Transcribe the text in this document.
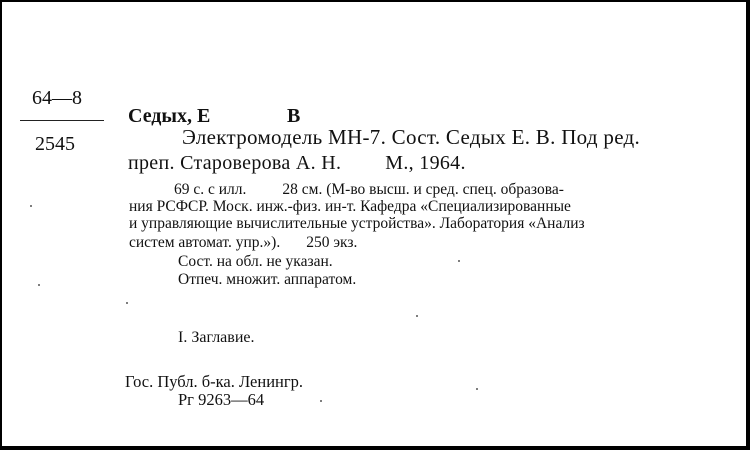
64—8
2545
Седых, Е	В
Электромодель МН-7. Сост. Седых Е. В. Под ред.
преп. Староверова А. Н. М., 1964.
69 с. с илл. 28 см. (М-во высш. и сред. спец. образова-
ния РСФСР. Моск. инж.-физ. ин-т. Кафедра «Специализированные
и управляющие вычислительные устройства». Лаборатория «Анализ
систем автомат. упр.»). 250 экз.
Сост. на обл. не указан.
Отпеч. множит. аппаратом.
I. Заглавие.
Гос. Публ. б-ка. Ленингр.
Рг 9263—64
